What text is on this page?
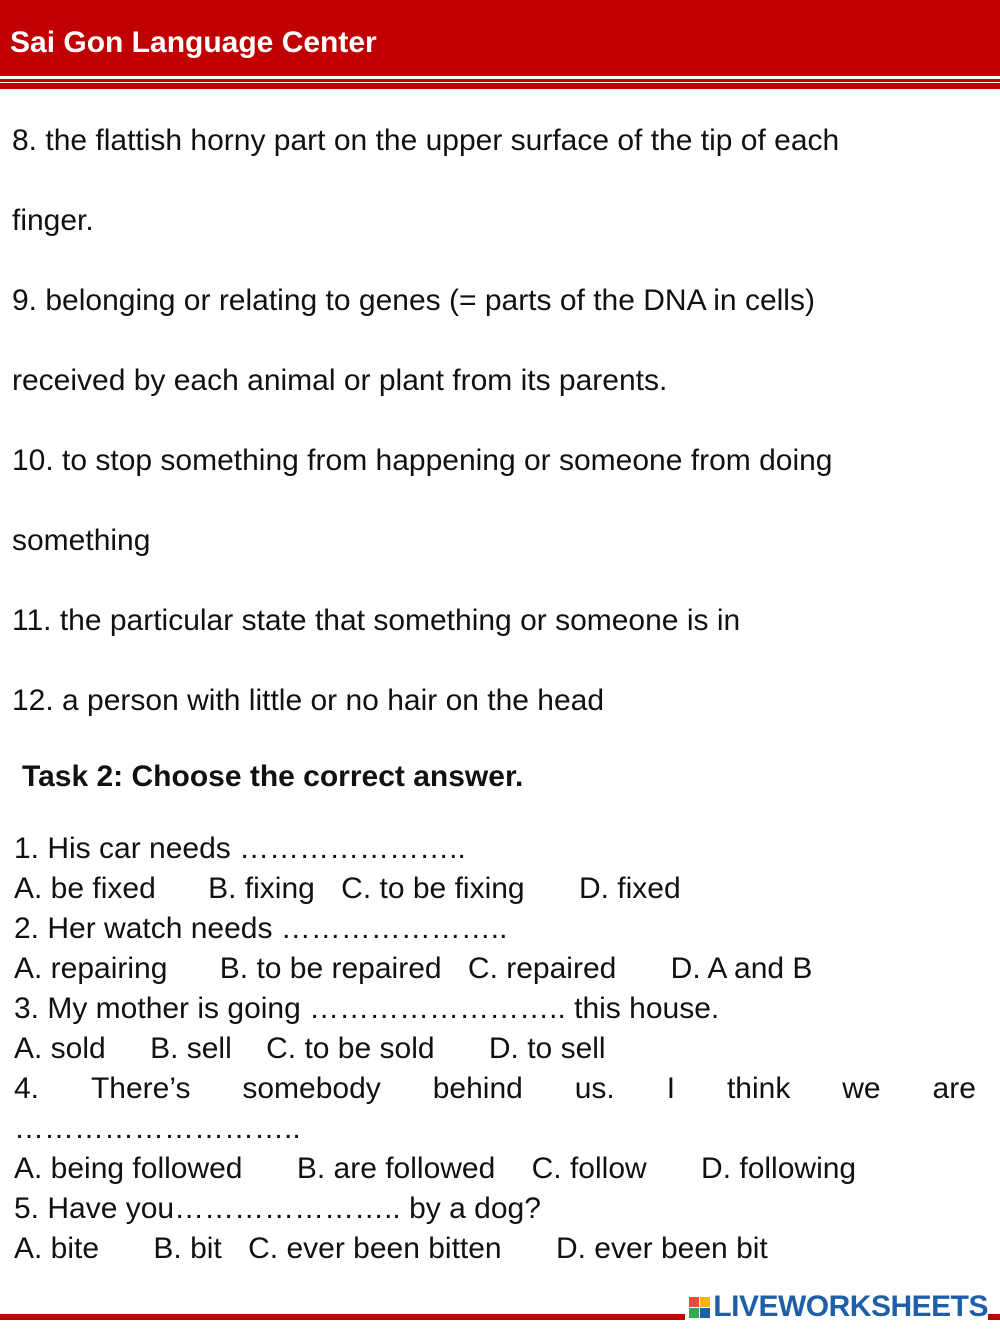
Sai Gon Language Center
8. the flattish horny part on the upper surface of the tip of each
finger.
9. belonging or relating to genes (= parts of the DNA in cells)
received by each animal or plant from its parents.
10. to stop something from happening or someone from doing
something
11. the particular state that something or someone is in
12. a person with little or no hair on the head
Task 2: Choose the correct answer.
1. His car needs …………………..
A. be fixed B. fixing C. to be fixing D. fixed
2. Her watch needs …………………..
A. repairing B. to be repaired C. repaired D. A and B
3. My mother is going …………………….. this house.
A. sold B. sell C. to be sold D. to sell
4. There’s somebody behind us. I think we are
………………………..
A. being followed B. are followed C. follow D. following
5. Have you………………….. by a dog?
A. bite B. bit C. ever been bitten D. ever been bit
LIVEWORKSHEETS
